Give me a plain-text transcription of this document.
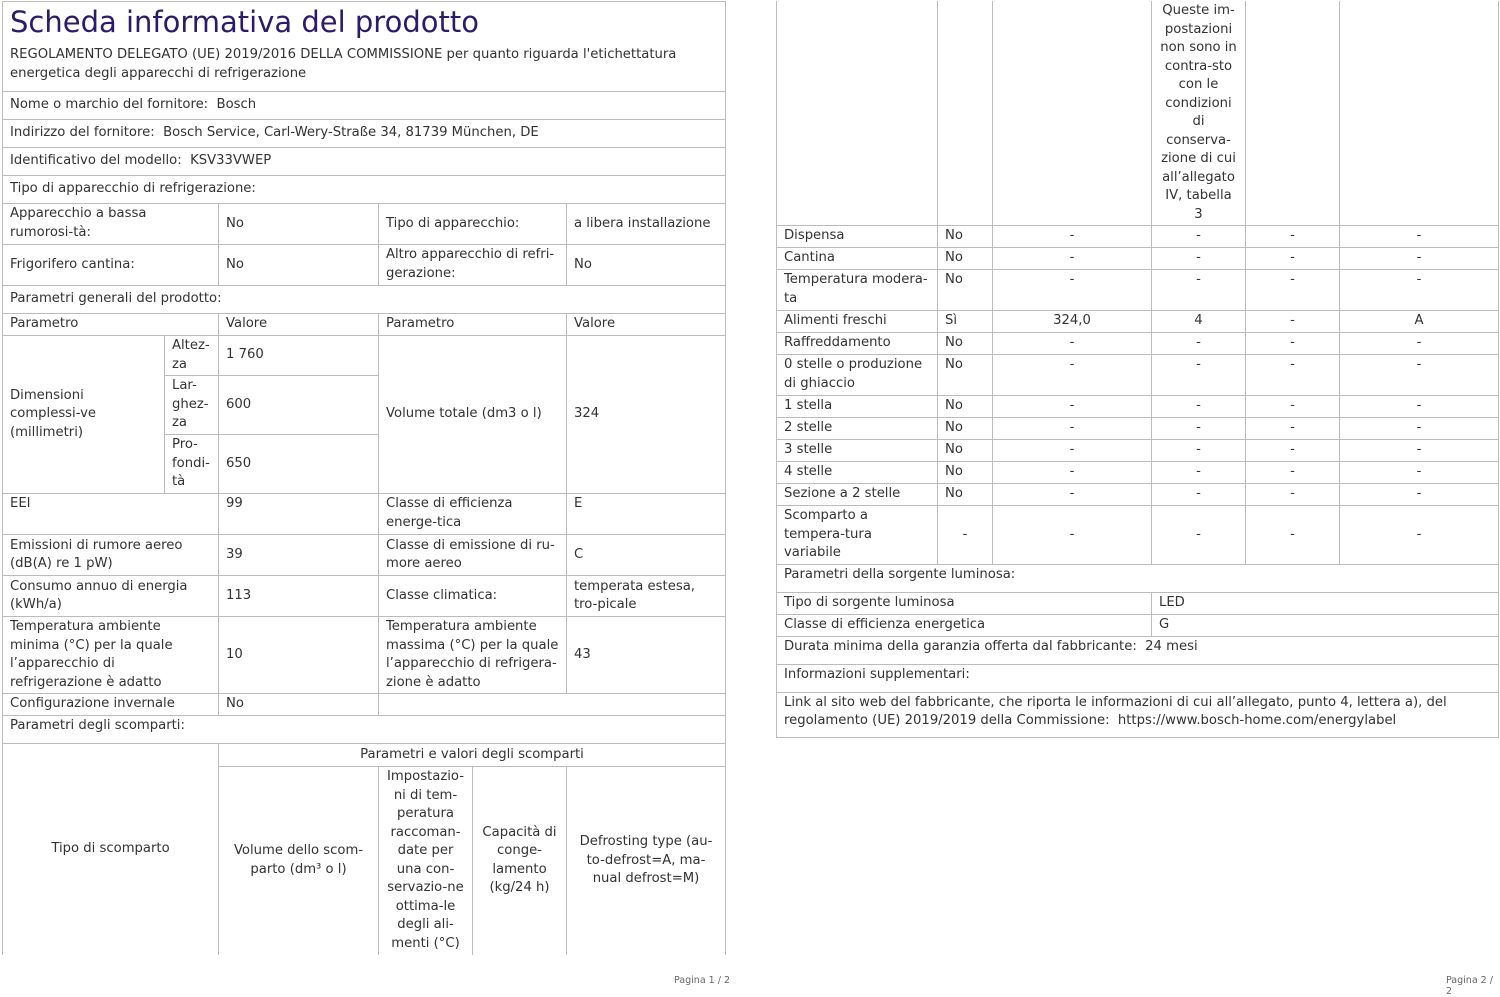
Scheda informativa del prodotto					
REGOLAMENTO DELEGATO (UE) 2019/2016 DELLA COMMISSIONE per quanto riguarda l'etichettatura energetica degli apparecchi di refrigerazione					
Nome o marchio del fornitore: Bosch					
Indirizzo del fornitore: Bosch Service, Carl-Wery-Straße 34, 81739 München, DE					
Identificativo del modello: KSV33VWEP					
Tipo di apparecchio di refrigerazione:					
Apparecchio a bassa rumorosi-tà:		No	Tipo di apparecchio:		a libera installazione
Frigorifero cantina:		No	Altro apparecchio di refri-gerazione:		No
Parametri generali del prodotto:					
Parametro		Valore	Parametro		Valore
Dimensioni complessi-ve (millimetri)	Altez-za	1 760	Volume totale (dm3 o l)		324
	Lar-ghez-za	600			
	Pro-fondi-tà	650			
EEI		99	Classe di efficienza energe-tica		E
Emissioni di rumore aereo (dB(A) re 1 pW)		39	Classe di emissione di ru-more aereo		C
Consumo annuo di energia (kWh/a)		113	Classe climatica:		temperata estesa, tro-picale
Temperatura ambiente minima (°C) per la quale l’apparecchio di refrigerazione è adatto		10	Temperatura ambiente massima (°C) per la quale l’apparecchio di refrigera-zione è adatto		43
Configurazione invernale		No			
Parametri degli scomparti:					
Tipo di scomparto		Parametri e valori degli scomparti			
		Volume dello scom-parto (dm³ o l)	Impostazio-ni di tem-peratura raccoman-date per una con-servazio-ne ottima-le degli ali-menti (°C)	Capacità di conge-lamento (kg/24 h)	Defrosting type (au-to-defrost=A, ma-nual defrost=M)
			Queste im-postazioni non sono in contra-sto con le condizioni di conserva-zione di cui all’allegato IV, tabella 3		
Dispensa	No	-	-	-	-
Cantina	No	-	-	-	-
Temperatura modera-ta	No	-	-	-	-
Alimenti freschi	Sì	324,0	4	-	A
Raffreddamento	No	-	-	-	-
0 stelle o produzione di ghiaccio	No	-	-	-	-
1 stella	No	-	-	-	-
2 stelle	No	-	-	-	-
3 stelle	No	-	-	-	-
4 stelle	No	-	-	-	-
Sezione a 2 stelle	No	-	-	-	-
Scomparto a tempera-tura variabile	-	-	-	-	-
Parametri della sorgente luminosa:					
Tipo di sorgente luminosa			LED		
Classe di efficienza energetica			G		
Durata minima della garanzia offerta dal fabbricante: 24 mesi					
Informazioni supplementari:					
Link al sito web del fabbricante, che riporta le informazioni di cui all’allegato, punto 4, lettera a), del regolamento (UE) 2019/2019 della Commissione: https://www.bosch-home.com/energylabel					
Pagina 1 / 2	Pagina 2 / 2
